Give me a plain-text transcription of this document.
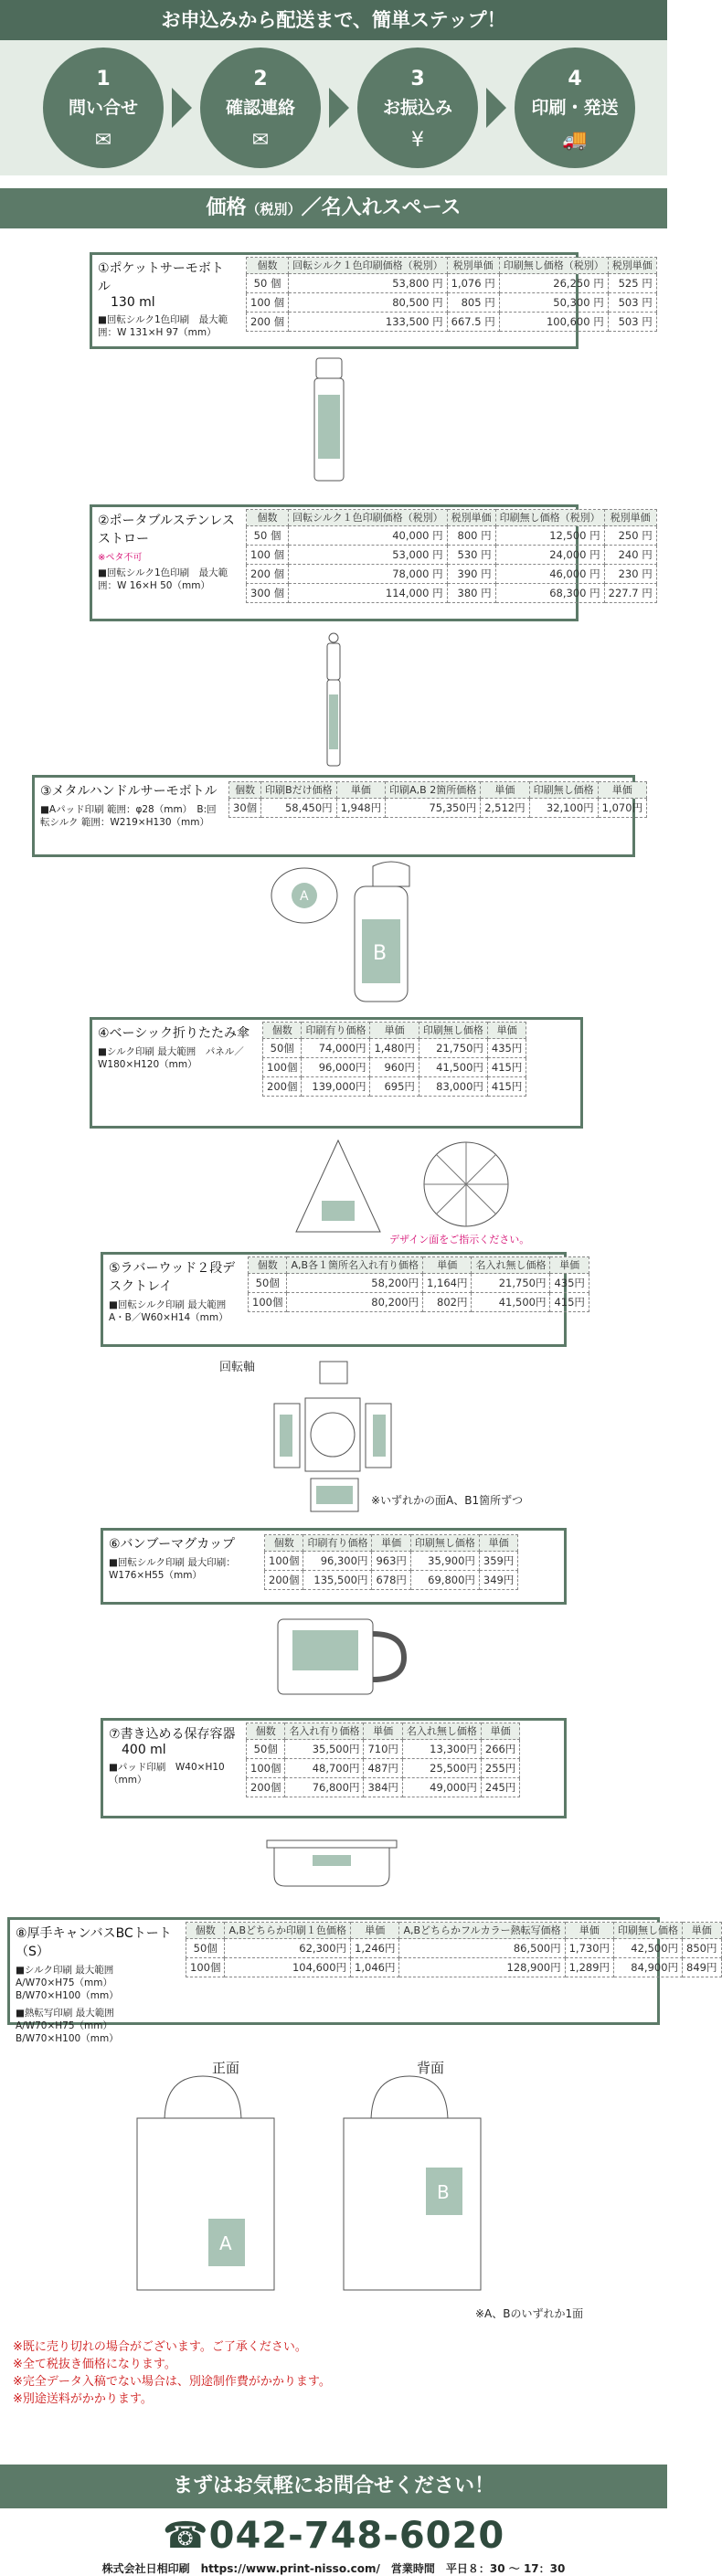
お申込みから配送まで、簡単ステップ！
1
問い合せ
✉
2
確認連絡
✉
3
お振込み
¥
4
印刷・発送
🚚
価格（税別）／名入れスペース
①ポケットサーモボトル
130 ml
■回転シルク1色印刷　最大範囲：W 131×H 97（mm）
個数	回転シルク１色印刷価格（税別）	税別単価	印刷無し価格（税別）	税別単価
50 個	53,800 円	1,076 円	26,250 円	525 円
100 個	80,500 円	805 円	50,300 円	503 円
200 個	133,500 円	667.5 円	100,600 円	503 円
②ポータブルステンレスストロー
※ペタ不可
■回転シルク1色印刷　最大範囲：W 16×H 50（mm）
個数	回転シルク１色印刷価格（税別）	税別単価	印刷無し価格（税別）	税別単価
50 個	40,000 円	800 円	12,500 円	250 円
100 個	53,000 円	530 円	24,000 円	240 円
200 個	78,000 円	390 円	46,000 円	230 円
300 個	114,000 円	380 円	68,300 円	227.7 円
③メタルハンドルサーモボトル
■Aパッド印刷 範囲：φ28（mm）　B:回転シルク 範囲：W219×H130（mm）
個数	印刷Bだけ価格	単価	印刷A,B 2箇所価格	単価	印刷無し価格	単価
30個	58,450円	1,948円	75,350円	2,512円	32,100円	1,070円
A
B
④ベーシック折りたたみ傘
■シルク印刷 最大範囲　パネル／W180×H120（mm）
個数	印刷有り価格	単価	印刷無し価格	単価
50個	74,000円	1,480円	21,750円	435円
100個	96,000円	960円	41,500円	415円
200個	139,000円	695円	83,000円	415円
デザイン面をご指示ください。
⑤ラバーウッド２段デスクトレイ
■回転シルク印刷 最大範囲　A・B／W60×H14（mm）
個数	A,B各１箇所名入れ有り価格	単価	名入れ無し価格	単価
50個	58,200円	1,164円	21,750円	435円
100個	80,200円	802円	41,500円	415円
回転軸
※いずれかの面A、B1箇所ずつ
⑥バンブーマグカップ
■回転シルク印刷 最大印刷：W176×H55（mm）
個数	印刷有り価格	単価	印刷無し価格	単価
100個	96,300円	963円	35,900円	359円
200個	135,500円	678円	69,800円	349円
⑦書き込める保存容器
400 ml
■パッド印刷　W40×H10（mm）
個数	名入れ有り価格	単価	名入れ無し価格	単価
50個	35,500円	710円	13,300円	266円
100個	48,700円	487円	25,500円	255円
200個	76,800円	384円	49,000円	245円
⑧厚手キャンバスBCトート（S）
■シルク印刷 最大範囲　A/W70×H75（mm）　B/W70×H100（mm）
■熱転写印刷 最大範囲　A/W70×H75（mm）　B/W70×H100（mm）
個数	A,Bどちらか印刷１色価格	単価	A,Bどちらかフルカラー熱転写価格	単価	印刷無し価格	単価
50個	62,300円	1,246円	86,500円	1,730円	42,500円	850円
100個	104,600円	1,046円	128,900円	1,289円	84,900円	849円
正面	背面
A
B
※A、Bのいずれか1面
※既に売り切れの場合がございます。ご了承ください。
※全て税抜き価格になります。
※完全データ入稿でない場合は、別途制作費がかかります。
※別途送料がかかります。
まずはお気軽にお問合せください！
☎042-748-6020
株式会社日相印刷　https://www.print-nisso.com/　 営業時間　平日８：30 ～ 17：30
